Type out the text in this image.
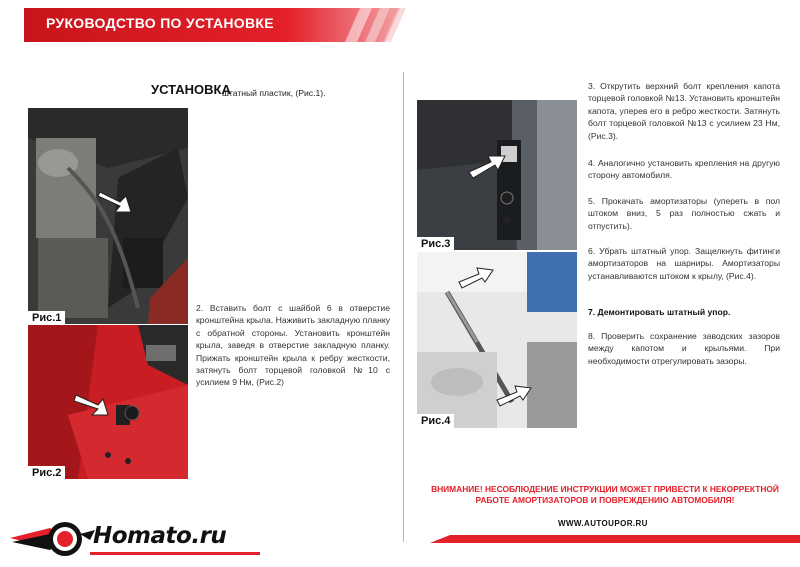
РУКОВОДСТВО ПО УСТАНОВКЕ
штатный пластик, (Рис.1).
УСТАНОВКА
Рис.1
Рис.2
2. Вставить болт с шайбой 6 в отверстие кронштейна крыла. Наживить закладную планку с обратной стороны. Установить кронштейн крыла, заведя в отверстие закладную планку. Прижать кронштейн крыла к ребру жесткости, затянуть болт торцевой головкой №10 с усилием 9 Нм, (Рис.2)
Рис.3
Рис.4
3. Открутить верхний болт крепления капота торцевой головкой №13. Установить кронштейн капота, уперев его в ребро жесткости. Затянуть болт торцевой головкой №13 с усилием 23 Нм, (Рис.3).
4. Аналогично установить крепления на другую сторону автомобиля.
5. Прокачать амортизаторы (упереть в пол штоком вниз, 5 раз полностью сжать и отпустить).
6. Убрать штатный упор. Защелкнуть фитинги амортизаторов на шарниры. Амортизаторы устанавливаются штоком к крылу, (Рис.4).
7. Демонтировать штатный упор.
8. Проверить сохранение заводских зазоров между капотом и крыльями. При необходимости отрегулировать зазоры.
ВНИМАНИЕ! НЕСОБЛЮДЕНИЕ ИНСТРУКЦИИ МОЖЕТ ПРИВЕСТИ К НЕКОРРЕКТНОЙ РАБОТЕ АМОРТИЗАТОРОВ И ПОВРЕЖДЕНИЮ АВТОМОБИЛЯ!
WWW.AUTOUPOR.RU
Homato.ru
